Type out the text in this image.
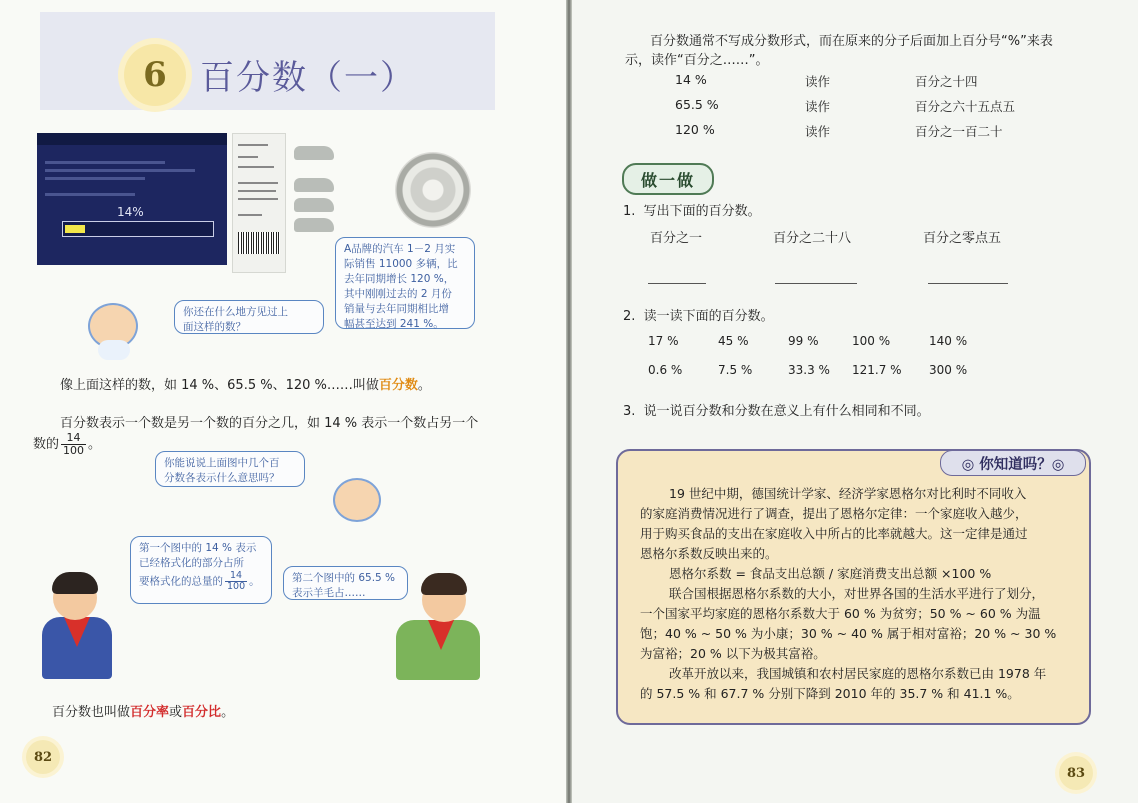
6 百分数（一）
14%
A品牌的汽车 1－2 月实
际销售 11000 多辆，比
去年同期增长 120 %，
其中刚刚过去的 2 月份
销量与去年同期相比增
幅甚至达到 241 %。
你还在什么地方见过上
面这样的数？
像上面这样的数，如 14 %、65.5 %、120 %……叫做百分数。
百分数表示一个数是另一个数的百分之几，如 14 % 表示一个数占另一个
数的 $\frac{14}{100}$ 。
你能说说上面图中几个百
分数各表示什么意思吗？
第一个图中的 14 % 表示
已经格式化的部分占所
要格式化的总量的 $\frac{14}{100}$ 。	第二个图中的 65.5 %
表示羊毛占……
百分数也叫做百分率或百分比。
82
百分数通常不写成分数形式，而在原来的分子后面加上百分号“%”来表
示，读作“百分之……”。
14 %	读作	百分之十四
65.5 %	读作	百分之六十五点五
120 %	读作	百分之一百二十
做一做
1. 写出下面的百分数。
百分之一	百分之二十八	百分之零点五
2. 读一读下面的百分数。
17 %	45 %	99 %	100 %	140 %
0.6 %	7.5 %	33.3 % 121.7 % 300 %
3. 说一说百分数和分数在意义上有什么相同和不同。
◎ 你知道吗？◎
19 世纪中期，德国统计学家、经济学家恩格尔对比利时不同收入
的家庭消费情况进行了调查，提出了恩格尔定律：一个家庭收入越少，
用于购买食品的支出在家庭收入中所占的比率就越大。这一定律是通过
恩格尔系数反映出来的。
恩格尔系数 = 食品支出总额 / 家庭消费支出总额 ×100 %
联合国根据恩格尔系数的大小，对世界各国的生活水平进行了划分，
一个国家平均家庭的恩格尔系数大于 60 % 为贫穷；50 % ~ 60 % 为温
饱；40 % ~ 50 % 为小康；30 % ~ 40 % 属于相对富裕；20 % ~ 30 %
为富裕；20 % 以下为极其富裕。
改革开放以来，我国城镇和农村居民家庭的恩格尔系数已由 1978 年
的 57.5 % 和 67.7 % 分别下降到 2010 年的 35.7 % 和 41.1 %。
83
